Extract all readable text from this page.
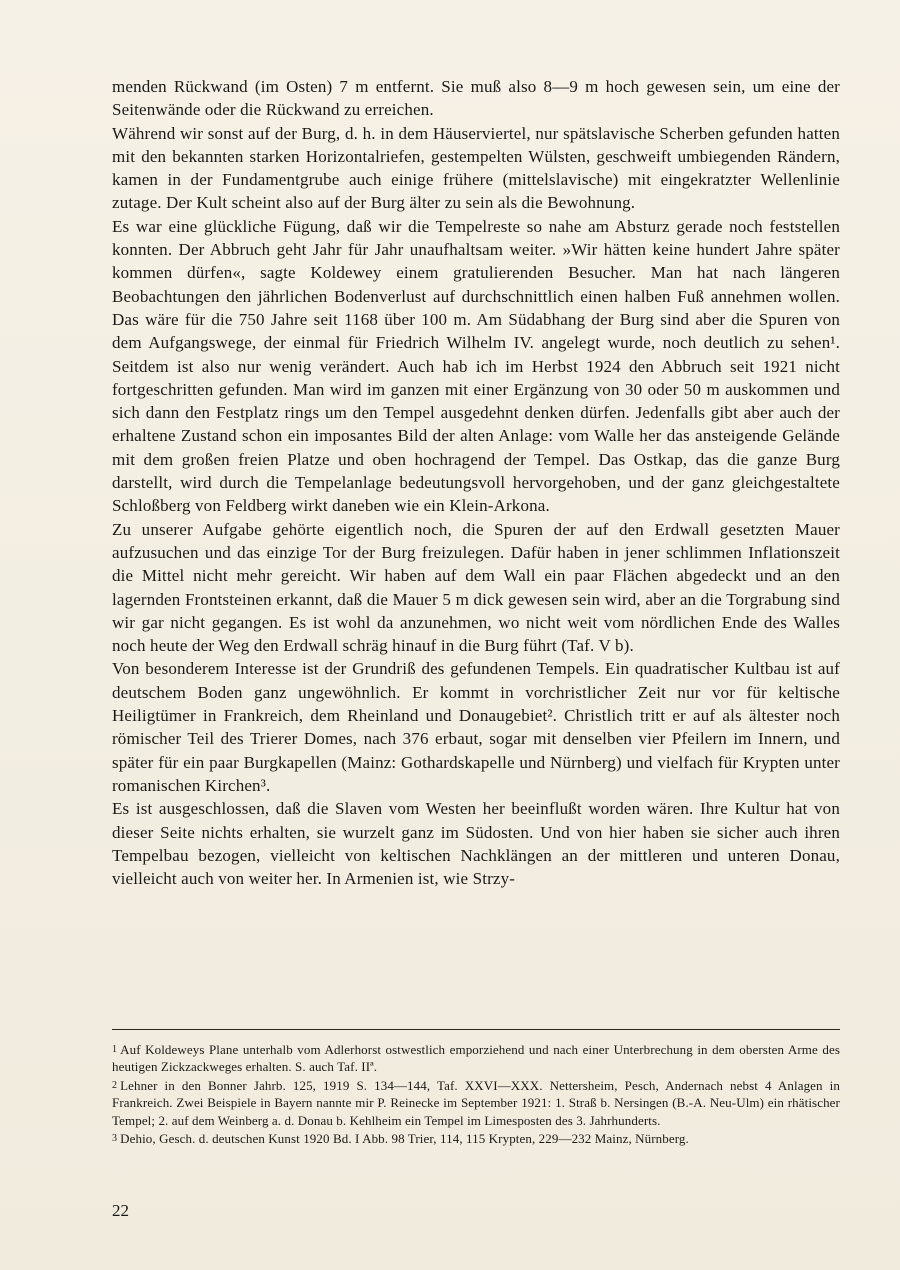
menden Rückwand (im Osten) 7 m entfernt. Sie muß also 8—9 m hoch gewesen sein, um eine der Seitenwände oder die Rückwand zu erreichen.

Während wir sonst auf der Burg, d. h. in dem Häuserviertel, nur spätslavische Scherben gefunden hatten mit den bekannten starken Horizontalriefen, gestempelten Wülsten, geschweift umbiegenden Rändern, kamen in der Fundamentgrube auch einige frühere (mittelslavische) mit eingekratzter Wellenlinie zutage. Der Kult scheint also auf der Burg älter zu sein als die Bewohnung.

Es war eine glückliche Fügung, daß wir die Tempelreste so nahe am Absturz gerade noch feststellen konnten. Der Abbruch geht Jahr für Jahr unaufhaltsam weiter. »Wir hätten keine hundert Jahre später kommen dürfen«, sagte Koldewey einem gratulierenden Besucher. Man hat nach längeren Beobachtungen den jährlichen Bodenverlust auf durchschnittlich einen halben Fuß annehmen wollen. Das wäre für die 750 Jahre seit 1168 über 100 m. Am Südabhang der Burg sind aber die Spuren von dem Aufgangswege, der einmal für Friedrich Wilhelm IV. angelegt wurde, noch deutlich zu sehen¹. Seitdem ist also nur wenig verändert. Auch hab ich im Herbst 1924 den Abbruch seit 1921 nicht fortgeschritten gefunden. Man wird im ganzen mit einer Ergänzung von 30 oder 50 m auskommen und sich dann den Festplatz rings um den Tempel ausgedehnt denken dürfen. Jedenfalls gibt aber auch der erhaltene Zustand schon ein imposantes Bild der alten Anlage: vom Walle her das ansteigende Gelände mit dem großen freien Platze und oben hochragend der Tempel. Das Ostkap, das die ganze Burg darstellt, wird durch die Tempelanlage bedeutungsvoll hervorgehoben, und der ganz gleichgestaltete Schloßberg von Feldberg wirkt daneben wie ein Klein-Arkona.

Zu unserer Aufgabe gehörte eigentlich noch, die Spuren der auf den Erdwall gesetzten Mauer aufzusuchen und das einzige Tor der Burg freizulegen. Dafür haben in jener schlimmen Inflationszeit die Mittel nicht mehr gereicht. Wir haben auf dem Wall ein paar Flächen abgedeckt und an den lagernden Frontsteinen erkannt, daß die Mauer 5 m dick gewesen sein wird, aber an die Torgrabung sind wir gar nicht gegangen. Es ist wohl da anzunehmen, wo nicht weit vom nördlichen Ende des Walles noch heute der Weg den Erdwall schräg hinauf in die Burg führt (Taf. V b).

Von besonderem Interesse ist der Grundriß des gefundenen Tempels. Ein quadratischer Kultbau ist auf deutschem Boden ganz ungewöhnlich. Er kommt in vorchristlicher Zeit nur vor für keltische Heiligtümer in Frankreich, dem Rheinland und Donaugebiet². Christlich tritt er auf als ältester noch römischer Teil des Trierer Domes, nach 376 erbaut, sogar mit denselben vier Pfeilern im Innern, und später für ein paar Burgkapellen (Mainz: Gothardskapelle und Nürnberg) und vielfach für Krypten unter romanischen Kirchen³.

Es ist ausgeschlossen, daß die Slaven vom Westen her beeinflußt worden wären. Ihre Kultur hat von dieser Seite nichts erhalten, sie wurzelt ganz im Südosten. Und von hier haben sie sicher auch ihren Tempelbau bezogen, vielleicht von keltischen Nachklängen an der mittleren und unteren Donau, vielleicht auch von weiter her. In Armenien ist, wie Strzy-

$^1$ Auf Koldeweys Plane unterhalb vom Adlerhorst ostwestlich emporziehend und nach einer Unterbrechung in dem obersten Arme des heutigen Zickzackweges erhalten. S. auch Taf. IIª.

$^2$ Lehner in den Bonner Jahrb. 125, 1919 S. 134—144, Taf. XXVI—XXX. Nettersheim, Pesch, Andernach nebst 4 Anlagen in Frankreich. Zwei Beispiele in Bayern nannte mir P. Reinecke im September 1921: 1. Straß b. Nersingen (B.-A. Neu-Ulm) ein rhätischer Tempel; 2. auf dem Weinberg a. d. Donau b. Kehlheim ein Tempel im Limesposten des 3. Jahrhunderts.

$^3$ Dehio, Gesch. d. deutschen Kunst 1920 Bd. I Abb. 98 Trier, 114, 115 Krypten, 229—232 Mainz, Nürnberg.

22
